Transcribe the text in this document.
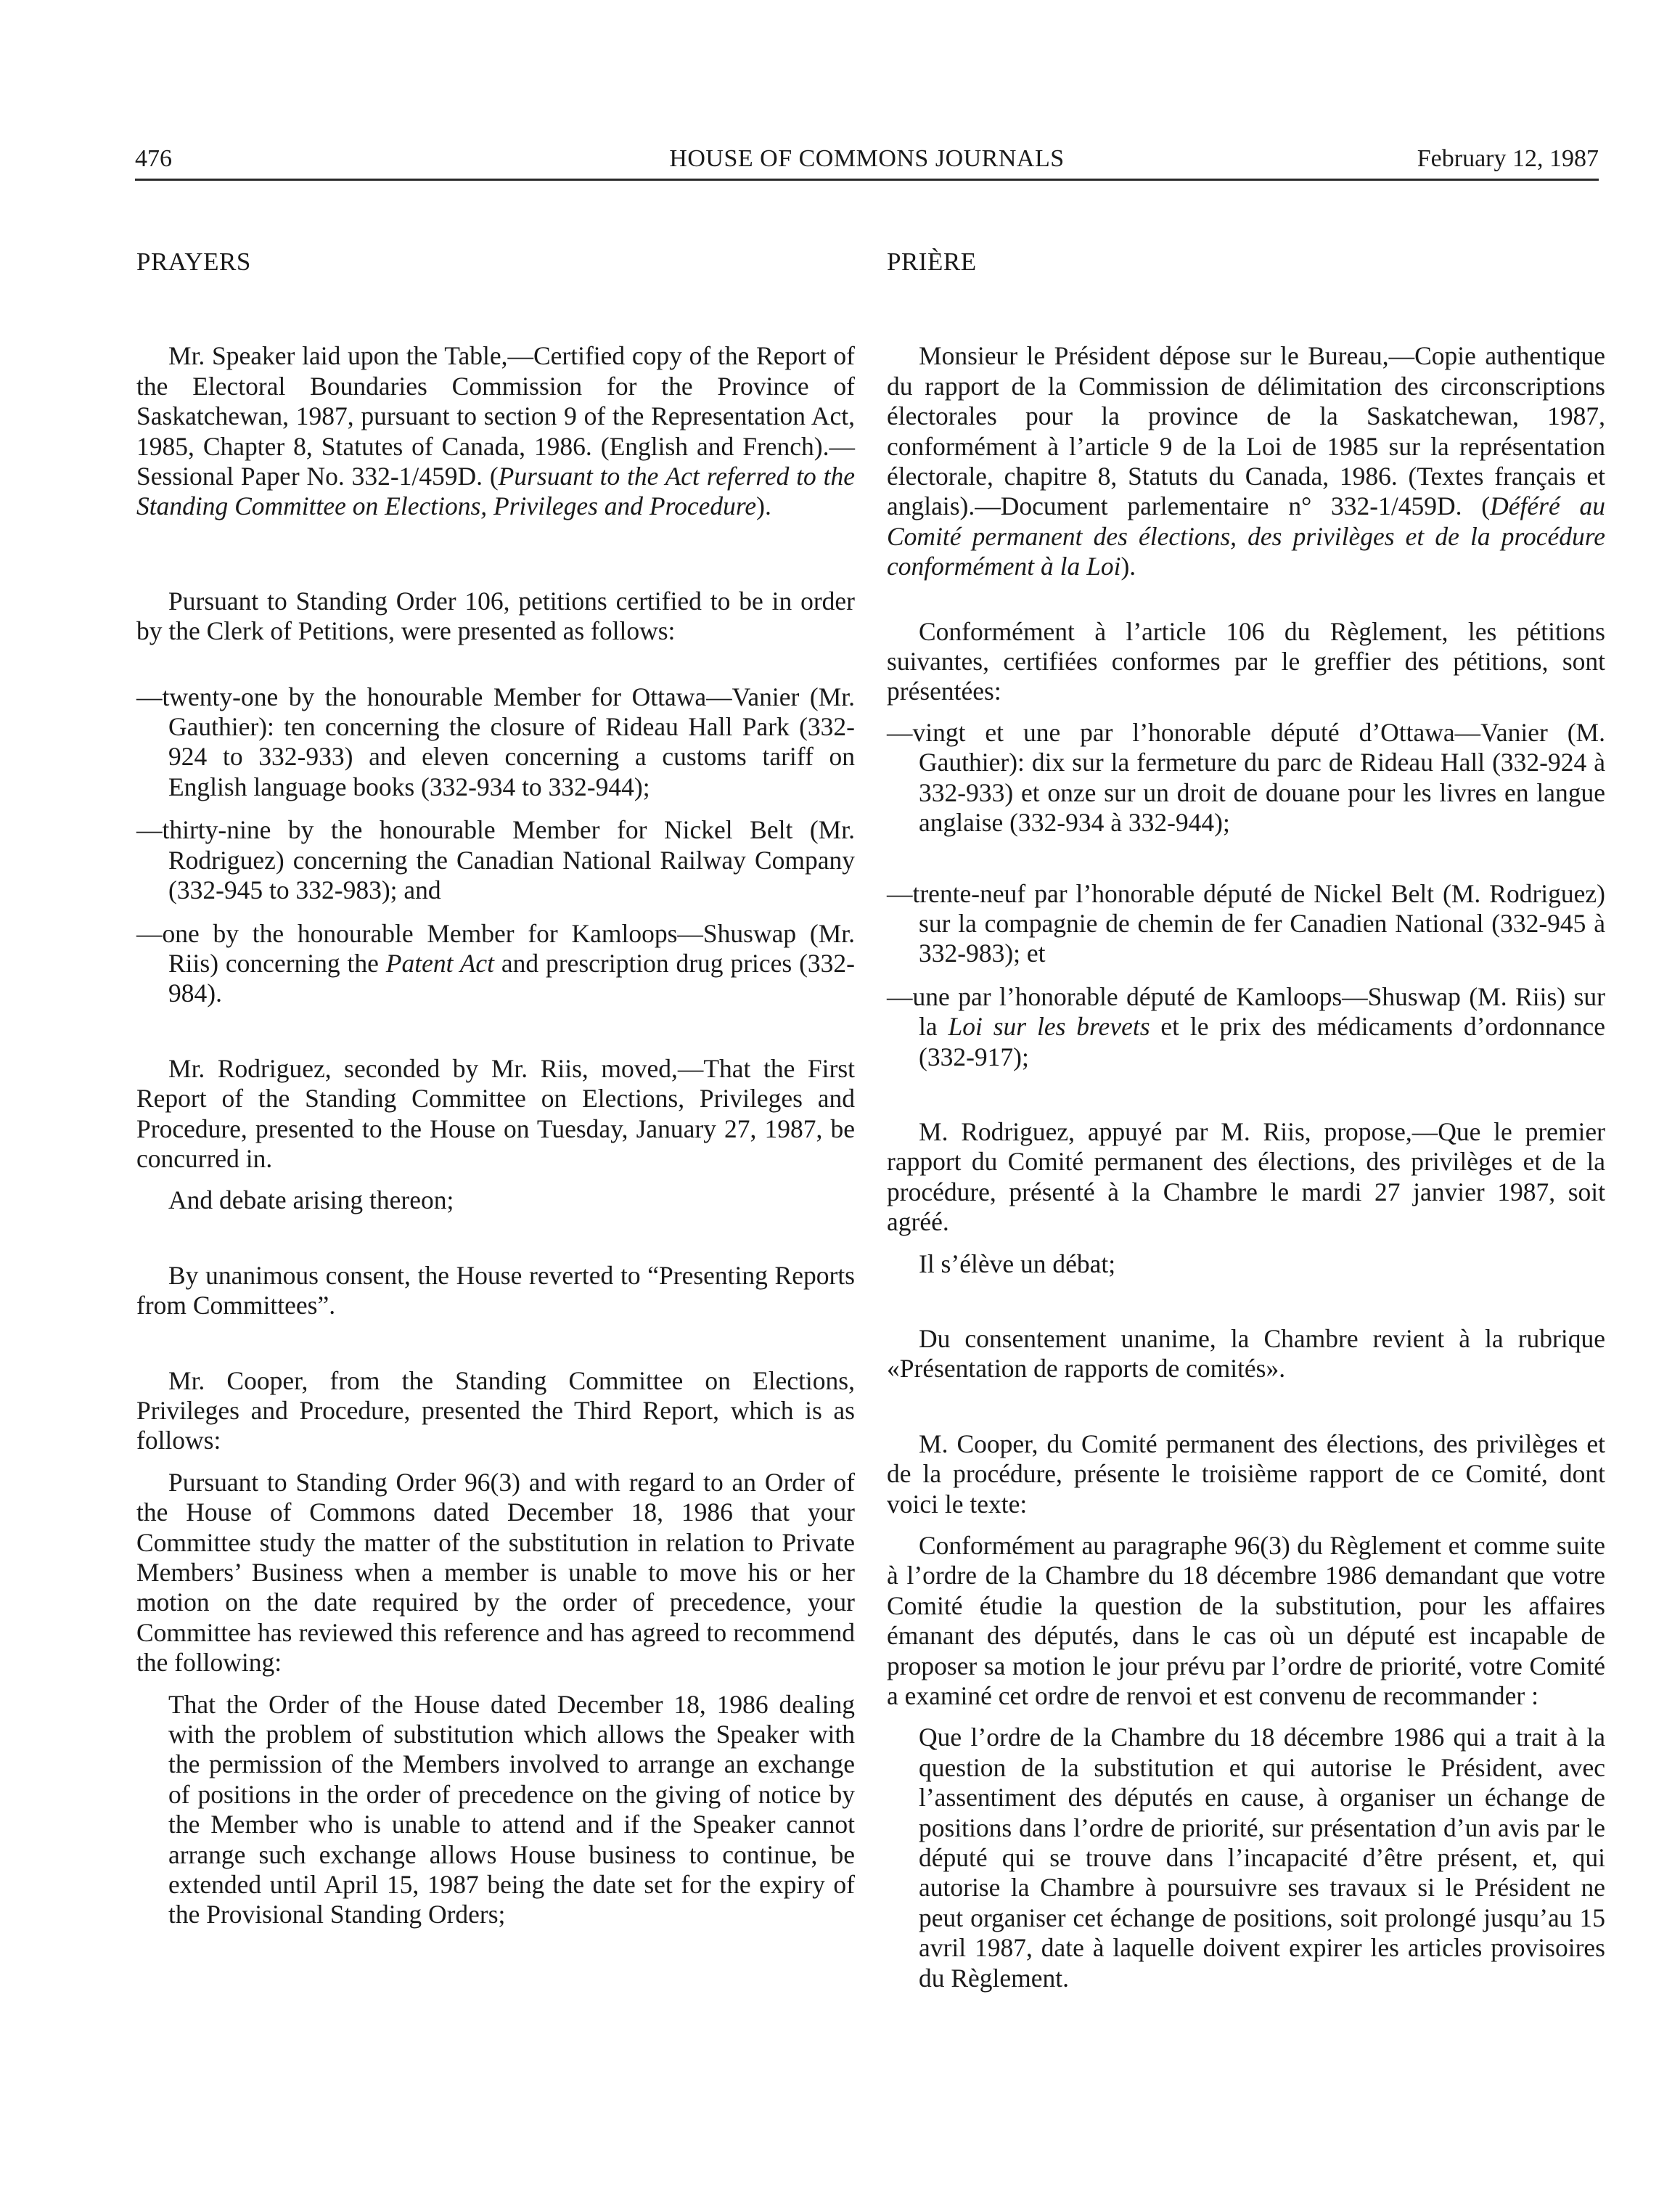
476	HOUSE OF COMMONS JOURNALS	February 12, 1987

PRAYERS

Mr. Speaker laid upon the Table,—Certified copy of the Report of the Electoral Boundaries Commission for the Province of Saskatchewan, 1987, pursuant to section 9 of the Representation Act, 1985, Chapter 8, Statutes of Canada, 1986. (English and French).—Sessional Paper No. 332-1/459D. (Pursuant to the Act referred to the Standing Committee on Elections, Privileges and Procedure).

Pursuant to Standing Order 106, petitions certified to be in order by the Clerk of Petitions, were presented as follows:

—twenty-one by the honourable Member for Ottawa—Vanier (Mr. Gauthier): ten concerning the closure of Rideau Hall Park (332-924 to 332-933) and eleven concerning a customs tariff on English language books (332-934 to 332-944);

—thirty-nine by the honourable Member for Nickel Belt (Mr. Rodriguez) concerning the Canadian National Railway Company (332-945 to 332-983); and

—one by the honourable Member for Kamloops—Shuswap (Mr. Riis) concerning the Patent Act and prescription drug prices (332-984).

Mr. Rodriguez, seconded by Mr. Riis, moved,—That the First Report of the Standing Committee on Elections, Privileges and Procedure, presented to the House on Tuesday, January 27, 1987, be concurred in.

And debate arising thereon;

By unanimous consent, the House reverted to “Presenting Reports from Committees”.

Mr. Cooper, from the Standing Committee on Elections, Privileges and Procedure, presented the Third Report, which is as follows:

Pursuant to Standing Order 96(3) and with regard to an Order of the House of Commons dated December 18, 1986 that your Committee study the matter of the substitution in relation to Private Members’ Business when a member is unable to move his or her motion on the date required by the order of precedence, your Committee has reviewed this reference and has agreed to recommend the following:

That the Order of the House dated December 18, 1986 dealing with the problem of substitution which allows the Speaker with the permission of the Members involved to arrange an exchange of positions in the order of precedence on the giving of notice by the Member who is unable to attend and if the Speaker cannot arrange such exchange allows House business to continue, be extended until April 15, 1987 being the date set for the expiry of the Provisional Standing Orders;

PRIÈRE

Monsieur le Président dépose sur le Bureau,—Copie authentique du rapport de la Commission de délimitation des circonscriptions électorales pour la province de la Saskatchewan, 1987, conformément à l’article 9 de la Loi de 1985 sur la représentation électorale, chapitre 8, Statuts du Canada, 1986. (Textes français et anglais).—Document parlementaire n° 332-1/459D. (Déféré au Comité permanent des élections, des privilèges et de la procédure conformément à la Loi).

Conformément à l’article 106 du Règlement, les pétitions suivantes, certifiées conformes par le greffier des pétitions, sont présentées:

—vingt et une par l’honorable député d’Ottawa—Vanier (M. Gauthier): dix sur la fermeture du parc de Rideau Hall (332-924 à 332-933) et onze sur un droit de douane pour les livres en langue anglaise (332-934 à 332-944);

—trente-neuf par l’honorable député de Nickel Belt (M. Rodriguez) sur la compagnie de chemin de fer Canadien National (332-945 à 332-983); et

—une par l’honorable député de Kamloops—Shuswap (M. Riis) sur la Loi sur les brevets et le prix des médicaments d’ordonnance (332-917);

M. Rodriguez, appuyé par M. Riis, propose,—Que le premier rapport du Comité permanent des élections, des privilèges et de la procédure, présenté à la Chambre le mardi 27 janvier 1987, soit agréé.

Il s’élève un débat;

Du consentement unanime, la Chambre revient à la rubrique «Présentation de rapports de comités».

M. Cooper, du Comité permanent des élections, des privilèges et de la procédure, présente le troisième rapport de ce Comité, dont voici le texte:

Conformément au paragraphe 96(3) du Règlement et comme suite à l’ordre de la Chambre du 18 décembre 1986 demandant que votre Comité étudie la question de la substitution, pour les affaires émanant des députés, dans le cas où un député est incapable de proposer sa motion le jour prévu par l’ordre de priorité, votre Comité a examiné cet ordre de renvoi et est convenu de recommander :

Que l’ordre de la Chambre du 18 décembre 1986 qui a trait à la question de la substitution et qui autorise le Président, avec l’assentiment des députés en cause, à organiser un échange de positions dans l’ordre de priorité, sur présentation d’un avis par le député qui se trouve dans l’incapacité d’être présent, et, qui autorise la Chambre à poursuivre ses travaux si le Président ne peut organiser cet échange de positions, soit prolongé jusqu’au 15 avril 1987, date à laquelle doivent expirer les articles provisoires du Règlement.
